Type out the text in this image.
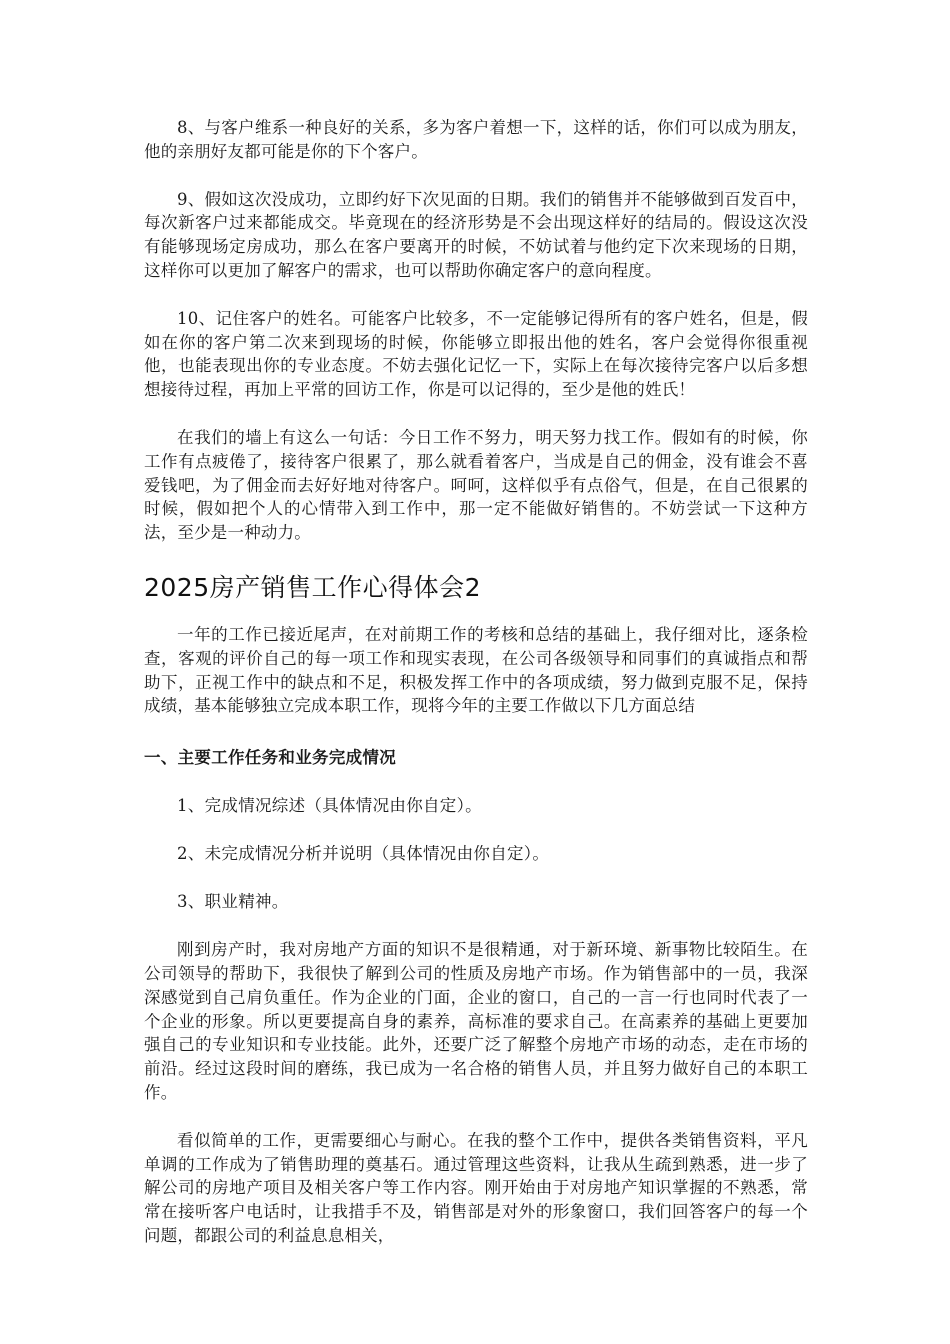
8、与客户维系一种良好的关系，多为客户着想一下，这样的话，你们可以成为朋友，他的亲朋好友都可能是你的下个客户。

9、假如这次没成功，立即约好下次见面的日期。我们的销售并不能够做到百发百中，每次新客户过来都能成交。毕竟现在的经济形势是不会出现这样好的结局的。假设这次没有能够现场定房成功，那么在客户要离开的时候，不妨试着与他约定下次来现场的日期，这样你可以更加了解客户的需求，也可以帮助你确定客户的意向程度。

10、记住客户的姓名。可能客户比较多，不一定能够记得所有的客户姓名，但是，假如在你的客户第二次来到现场的时候，你能够立即报出他的姓名，客户会觉得你很重视他，也能表现出你的专业态度。不妨去强化记忆一下，实际上在每次接待完客户以后多想想接待过程，再加上平常的回访工作，你是可以记得的，至少是他的姓氏！

在我们的墙上有这么一句话：今日工作不努力，明天努力找工作。假如有的时候，你工作有点疲倦了，接待客户很累了，那么就看着客户，当成是自己的佣金，没有谁会不喜爱钱吧，为了佣金而去好好地对待客户。呵呵，这样似乎有点俗气，但是，在自己很累的时候，假如把个人的心情带入到工作中，那一定不能做好销售的。不妨尝试一下这种方法，至少是一种动力。

2025房产销售工作心得体会2

一年的工作已接近尾声，在对前期工作的考核和总结的基础上，我仔细对比，逐条检查，客观的评价自己的每一项工作和现实表现，在公司各级领导和同事们的真诚指点和帮助下，正视工作中的缺点和不足，积极发挥工作中的各项成绩，努力做到克服不足，保持成绩，基本能够独立完成本职工作，现将今年的主要工作做以下几方面总结

一、主要工作任务和业务完成情况

1、完成情况综述（具体情况由你自定）。

2、未完成情况分析并说明（具体情况由你自定）。

3、职业精神。

刚到房产时，我对房地产方面的知识不是很精通，对于新环境、新事物比较陌生。在公司领导的帮助下，我很快了解到公司的性质及房地产市场。作为销售部中的一员，我深深感觉到自己肩负重任。作为企业的门面，企业的窗口，自己的一言一行也同时代表了一个企业的形象。所以更要提高自身的素养，高标准的要求自己。在高素养的基础上更要加强自己的专业知识和专业技能。此外，还要广泛了解整个房地产市场的动态，走在市场的前沿。经过这段时间的磨练，我已成为一名合格的销售人员，并且努力做好自己的本职工作。

看似简单的工作，更需要细心与耐心。在我的整个工作中，提供各类销售资料，平凡单调的工作成为了销售助理的奠基石。通过管理这些资料，让我从生疏到熟悉，进一步了解公司的房地产项目及相关客户等工作内容。刚开始由于对房地产知识掌握的不熟悉，常常在接听客户电话时，让我措手不及，销售部是对外的形象窗口，我们回答客户的每一个问题，都跟公司的利益息息相关，
